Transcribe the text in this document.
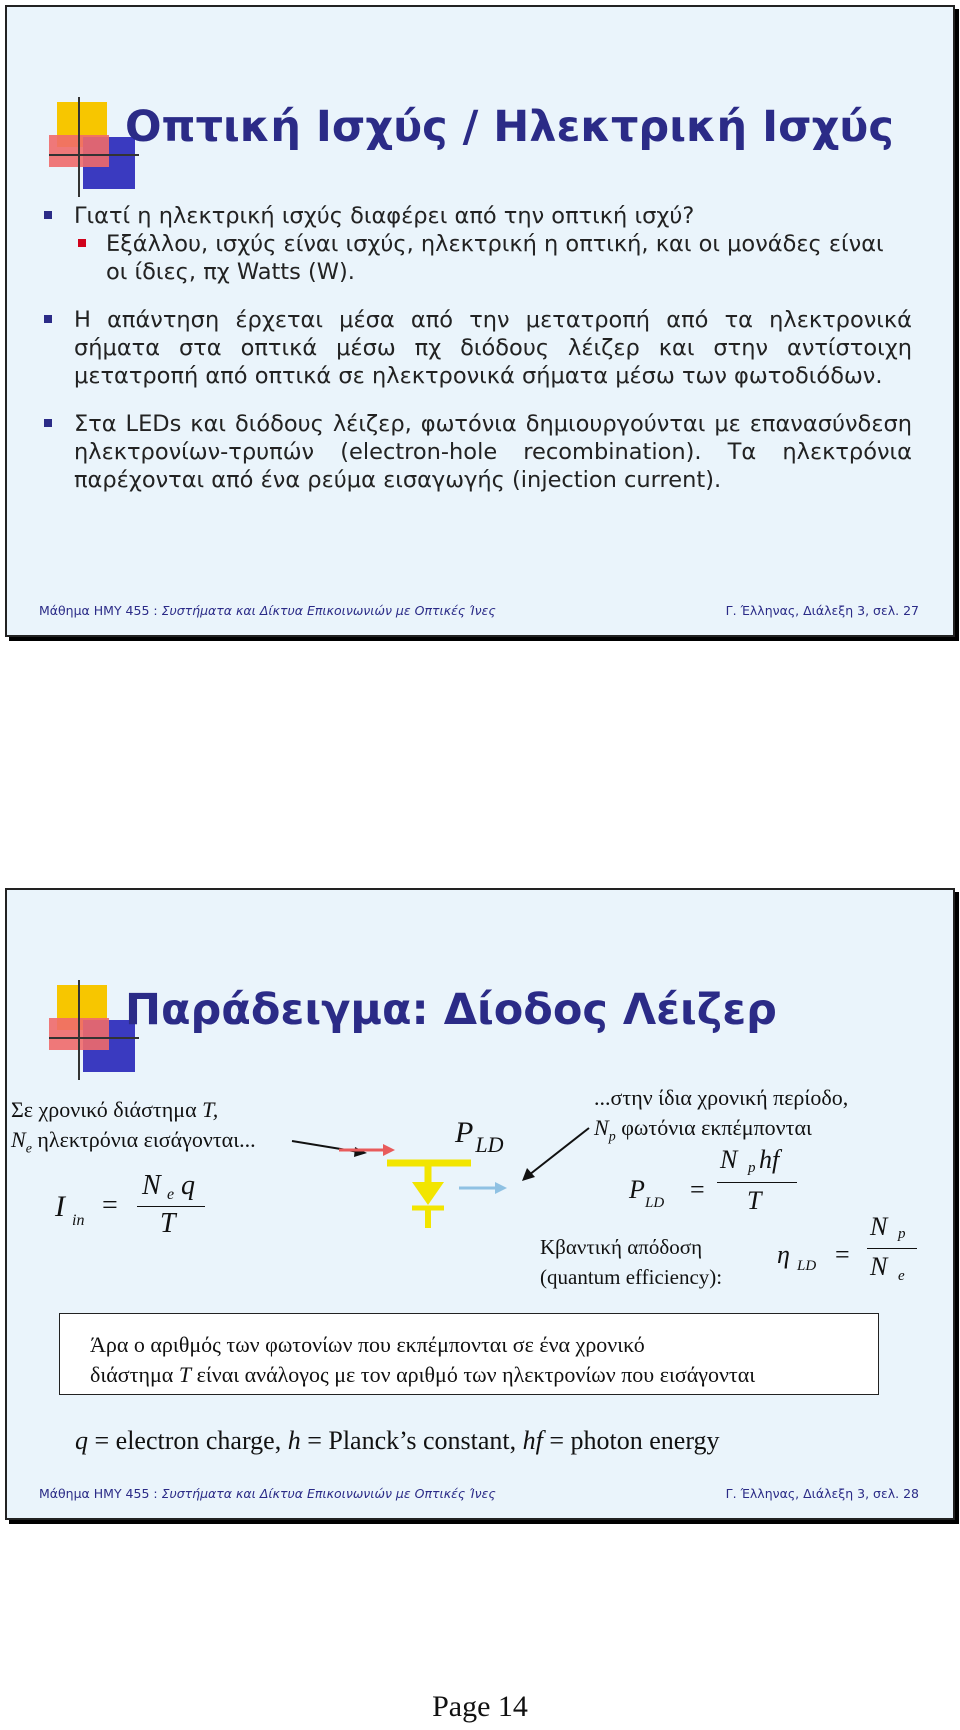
Οπτική Ισχύς / Ηλεκτρική Ισχύς
Γιατί η ηλεκτρική ισχύς διαφέρει από την οπτική ισχύ?
Εξάλλου, ισχύς είναι ισχύς, ηλεκτρική η οπτική, και οι μονάδες είναι οι ίδιες, πχ Watts (W).
Η απάντηση έρχεται μέσα από την μετατροπή από τα ηλεκτρονικά σήματα στα οπτικά μέσω πχ διόδους λέιζερ και στην αντίστοιχη μετατροπή από οπτικά σε ηλεκτρονικά σήματα μέσω των φωτοδιόδων.
Στα LEDs και διόδους λέιζερ, φωτόνια δημιουργούνται με επανασύνδεση ηλεκτρονίων-τρυπών (electron-hole recombination). Τα ηλεκτρόνια παρέχονται από ένα ρεύμα εισαγωγής (injection current).
Μάθημα ΗΜΥ 455 : Συστήματα και Δίκτυα Επικοινωνιών με Οπτικές Ίνες	Γ. Έλληνας, Διάλεξη 3, σελ. 27
Παράδειγμα: Δίοδος Λέιζερ
Σε χρονικό διάστημα T,
$N_e$ ηλεκτρόνια εισάγονται...
I in =
N e q
T
$P_{LD}$
...στην ίδια χρονική περίοδο,
$N_p$ φωτόνια εκπέμπονται
P LD =
N p hf
T
Κβαντική απόδοση
(quantum efficiency):
η LD =
N p
N e
Άρα ο αριθμός των φωτονίων που εκπέμπονται σε ένα χρονικό
διάστημα T είναι ανάλογος με τον αριθμό των ηλεκτρονίων που εισάγονται
q = electron charge, h = Planck’s constant, hf = photon energy
Μάθημα ΗΜΥ 455 : Συστήματα και Δίκτυα Επικοινωνιών με Οπτικές Ίνες	Γ. Έλληνας, Διάλεξη 3, σελ. 28
Page 14
